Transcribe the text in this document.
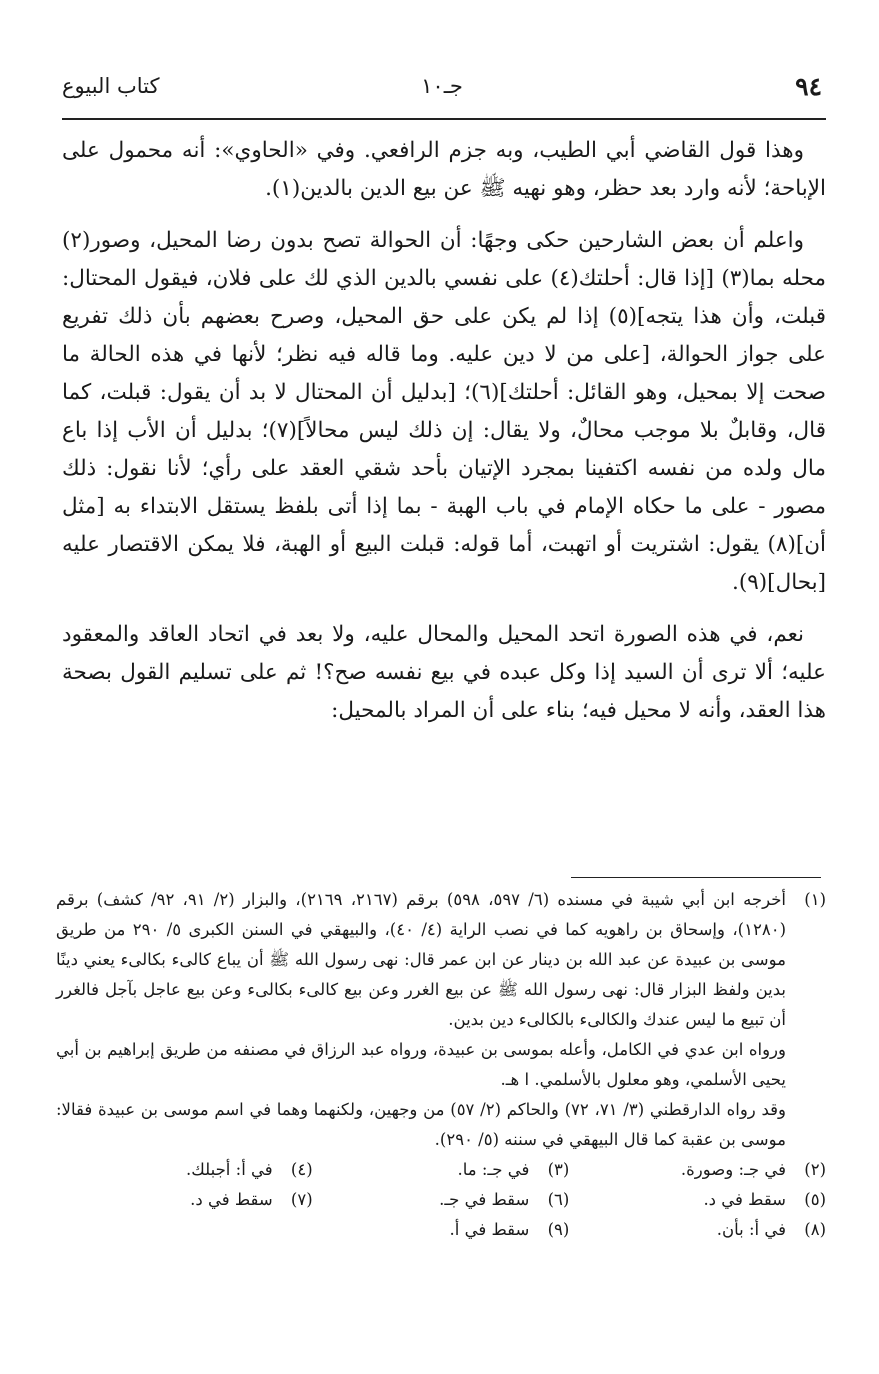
٩٤
جـ١٠
كتاب البيوع

وهذا قول القاضي أبي الطيب، وبه جزم الرافعي. وفي «الحاوي»: أنه محمول على الإباحة؛ لأنه وارد بعد حظر، وهو نهيه ﷺ عن بيع الدين بالدين(١).

واعلم أن بعض الشارحين حكى وجهًا: أن الحوالة تصح بدون رضا المحيل، وصور(٢) محله بما(٣) [إذا قال: أحلتك(٤) على نفسي بالدين الذي لك على فلان، فيقول المحتال: قبلت، وأن هذا يتجه](٥) إذا لم يكن على حق المحيل، وصرح بعضهم بأن ذلك تفريع على جواز الحوالة، [على من لا دين عليه. وما قاله فيه نظر؛ لأنها في هذه الحالة ما صحت إلا بمحيل، وهو القائل: أحلتك](٦)؛ [بدليل أن المحتال لا بد أن يقول: قبلت، كما قال، وقابلٌ بلا موجب محالٌ، ولا يقال: إن ذلك ليس محالاً](٧)؛ بدليل أن الأب إذا باع مال ولده من نفسه اكتفينا بمجرد الإتيان بأحد شقي العقد على رأي؛ لأنا نقول: ذلك مصور - على ما حكاه الإمام في باب الهبة - بما إذا أتى بلفظ يستقل الابتداء به [مثل أن](٨) يقول: اشتريت أو اتهبت، أما قوله: قبلت البيع أو الهبة، فلا يمكن الاقتصار عليه [بحال](٩).

نعم، في هذه الصورة اتحد المحيل والمحال عليه، ولا بعد في اتحاد العاقد والمعقود عليه؛ ألا ترى أن السيد إذا وكل عبده في بيع نفسه صح؟! ثم على تسليم القول بصحة هذا العقد، وأنه لا محيل فيه؛ بناء على أن المراد بالمحيل:

(١)
أخرجه ابن أبي شيبة في مسنده (٦/ ٥٩٧، ٥٩٨) برقم (٢١٦٧، ٢١٦٩)، والبزار (٢/ ٩١، ٩٢/ كشف) برقم (١٢٨٠)، وإسحاق بن راهويه كما في نصب الراية (٤/ ٤٠)، والبيهقي في السنن الكبرى ٥/ ٢٩٠ من طريق موسى بن عبيدة عن عبد الله بن دينار عن ابن عمر قال: نهى رسول الله ﷺ أن يباع كالىء بكالىء يعني دينًا بدين ولفظ البزار قال: نهى رسول الله ﷺ عن بيع الغرر وعن بيع كالىء بكالىء وعن بيع عاجل بآجل فالغرر أن تبيع ما ليس عندك والكالىء بالكالىء دين بدين.

ورواه ابن عدي في الكامل، وأعله بموسى بن عبيدة، ورواه عبد الرزاق في مصنفه من طريق إبراهيم بن أبي يحيى الأسلمي، وهو معلول بالأسلمي. ا هـ.

وقد رواه الدارقطني (٣/ ٧١، ٧٢) والحاكم (٢/ ٥٧) من وجهين، ولكنهما وهما في اسم موسى بن عبيدة فقالا: موسى بن عقبة كما قال البيهقي في سننه (٥/ ٢٩٠).

(٢)في جـ: وصورة.
(٣)في جـ: ما.
(٤)في أ: أجبلك.
(٥)سقط في د.
(٦)سقط في جـ.
(٧)سقط في د.
(٨)في أ: بأن.
(٩)سقط في أ.
